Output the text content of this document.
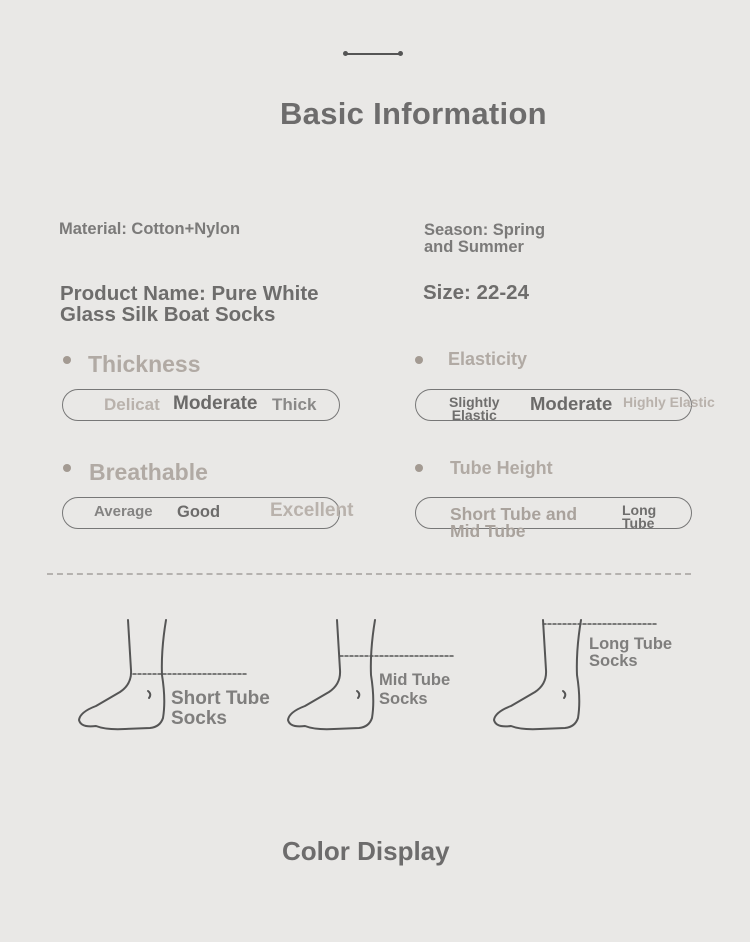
Basic Information
Material: Cotton+Nylon	Season: Spring
and Summer
Product Name: Pure White
Glass Silk Boat Socks
Size: 22-24
Thickness
Delicat Moderate Thick
Elasticity
Slightly
Elastic
Moderate Highly Elastic
Breathable
Average Good	Excellent
Tube Height
Short Tube and
Mid Tube
Long
Tube
Short Tube
Socks
Mid Tube
Socks
Long Tube
Socks
Color Display
